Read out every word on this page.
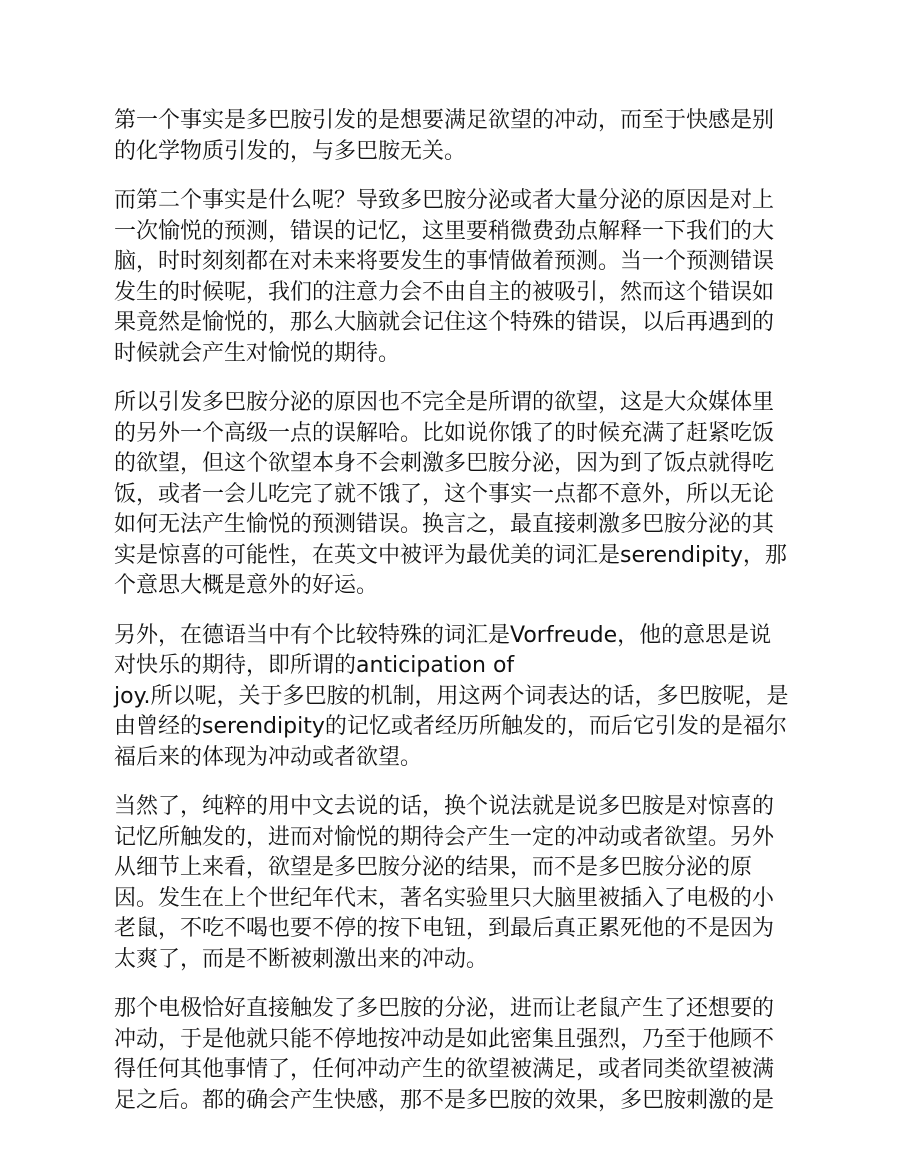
第一个事实是多巴胺引发的是想要满足欲望的冲动，而至于快感是别
的化学物质引发的，与多巴胺无关。
而第二个事实是什么呢？导致多巴胺分泌或者大量分泌的原因是对上
一次愉悦的预测，错误的记忆，这里要稍微费劲点解释一下我们的大
脑，时时刻刻都在对未来将要发生的事情做着预测。当一个预测错误
发生的时候呢，我们的注意力会不由自主的被吸引，然而这个错误如
果竟然是愉悦的，那么大脑就会记住这个特殊的错误，以后再遇到的
时候就会产生对愉悦的期待。
所以引发多巴胺分泌的原因也不完全是所谓的欲望，这是大众媒体里
的另外一个高级一点的误解哈。比如说你饿了的时候充满了赶紧吃饭
的欲望，但这个欲望本身不会刺激多巴胺分泌，因为到了饭点就得吃
饭，或者一会儿吃完了就不饿了，这个事实一点都不意外，所以无论
如何无法产生愉悦的预测错误。换言之，最直接刺激多巴胺分泌的其
实是惊喜的可能性，在英文中被评为最优美的词汇是serendipity，那
个意思大概是意外的好运。
另外，在德语当中有个比较特殊的词汇是Vorfreude，他的意思是说
对快乐的期待，即所谓的anticipation of
joy.所以呢，关于多巴胺的机制，用这两个词表达的话，多巴胺呢，是
由曾经的serendipity的记忆或者经历所触发的，而后它引发的是福尔
福后来的体现为冲动或者欲望。
当然了，纯粹的用中文去说的话，换个说法就是说多巴胺是对惊喜的
记忆所触发的，进而对愉悦的期待会产生一定的冲动或者欲望。另外
从细节上来看，欲望是多巴胺分泌的结果，而不是多巴胺分泌的原
因。发生在上个世纪年代末，著名实验里只大脑里被插入了电极的小
老鼠，不吃不喝也要不停的按下电钮，到最后真正累死他的不是因为
太爽了，而是不断被刺激出来的冲动。
那个电极恰好直接触发了多巴胺的分泌，进而让老鼠产生了还想要的
冲动，于是他就只能不停地按冲动是如此密集且强烈，乃至于他顾不
得任何其他事情了，任何冲动产生的欲望被满足，或者同类欲望被满
足之后。都的确会产生快感，那不是多巴胺的效果，多巴胺刺激的是
